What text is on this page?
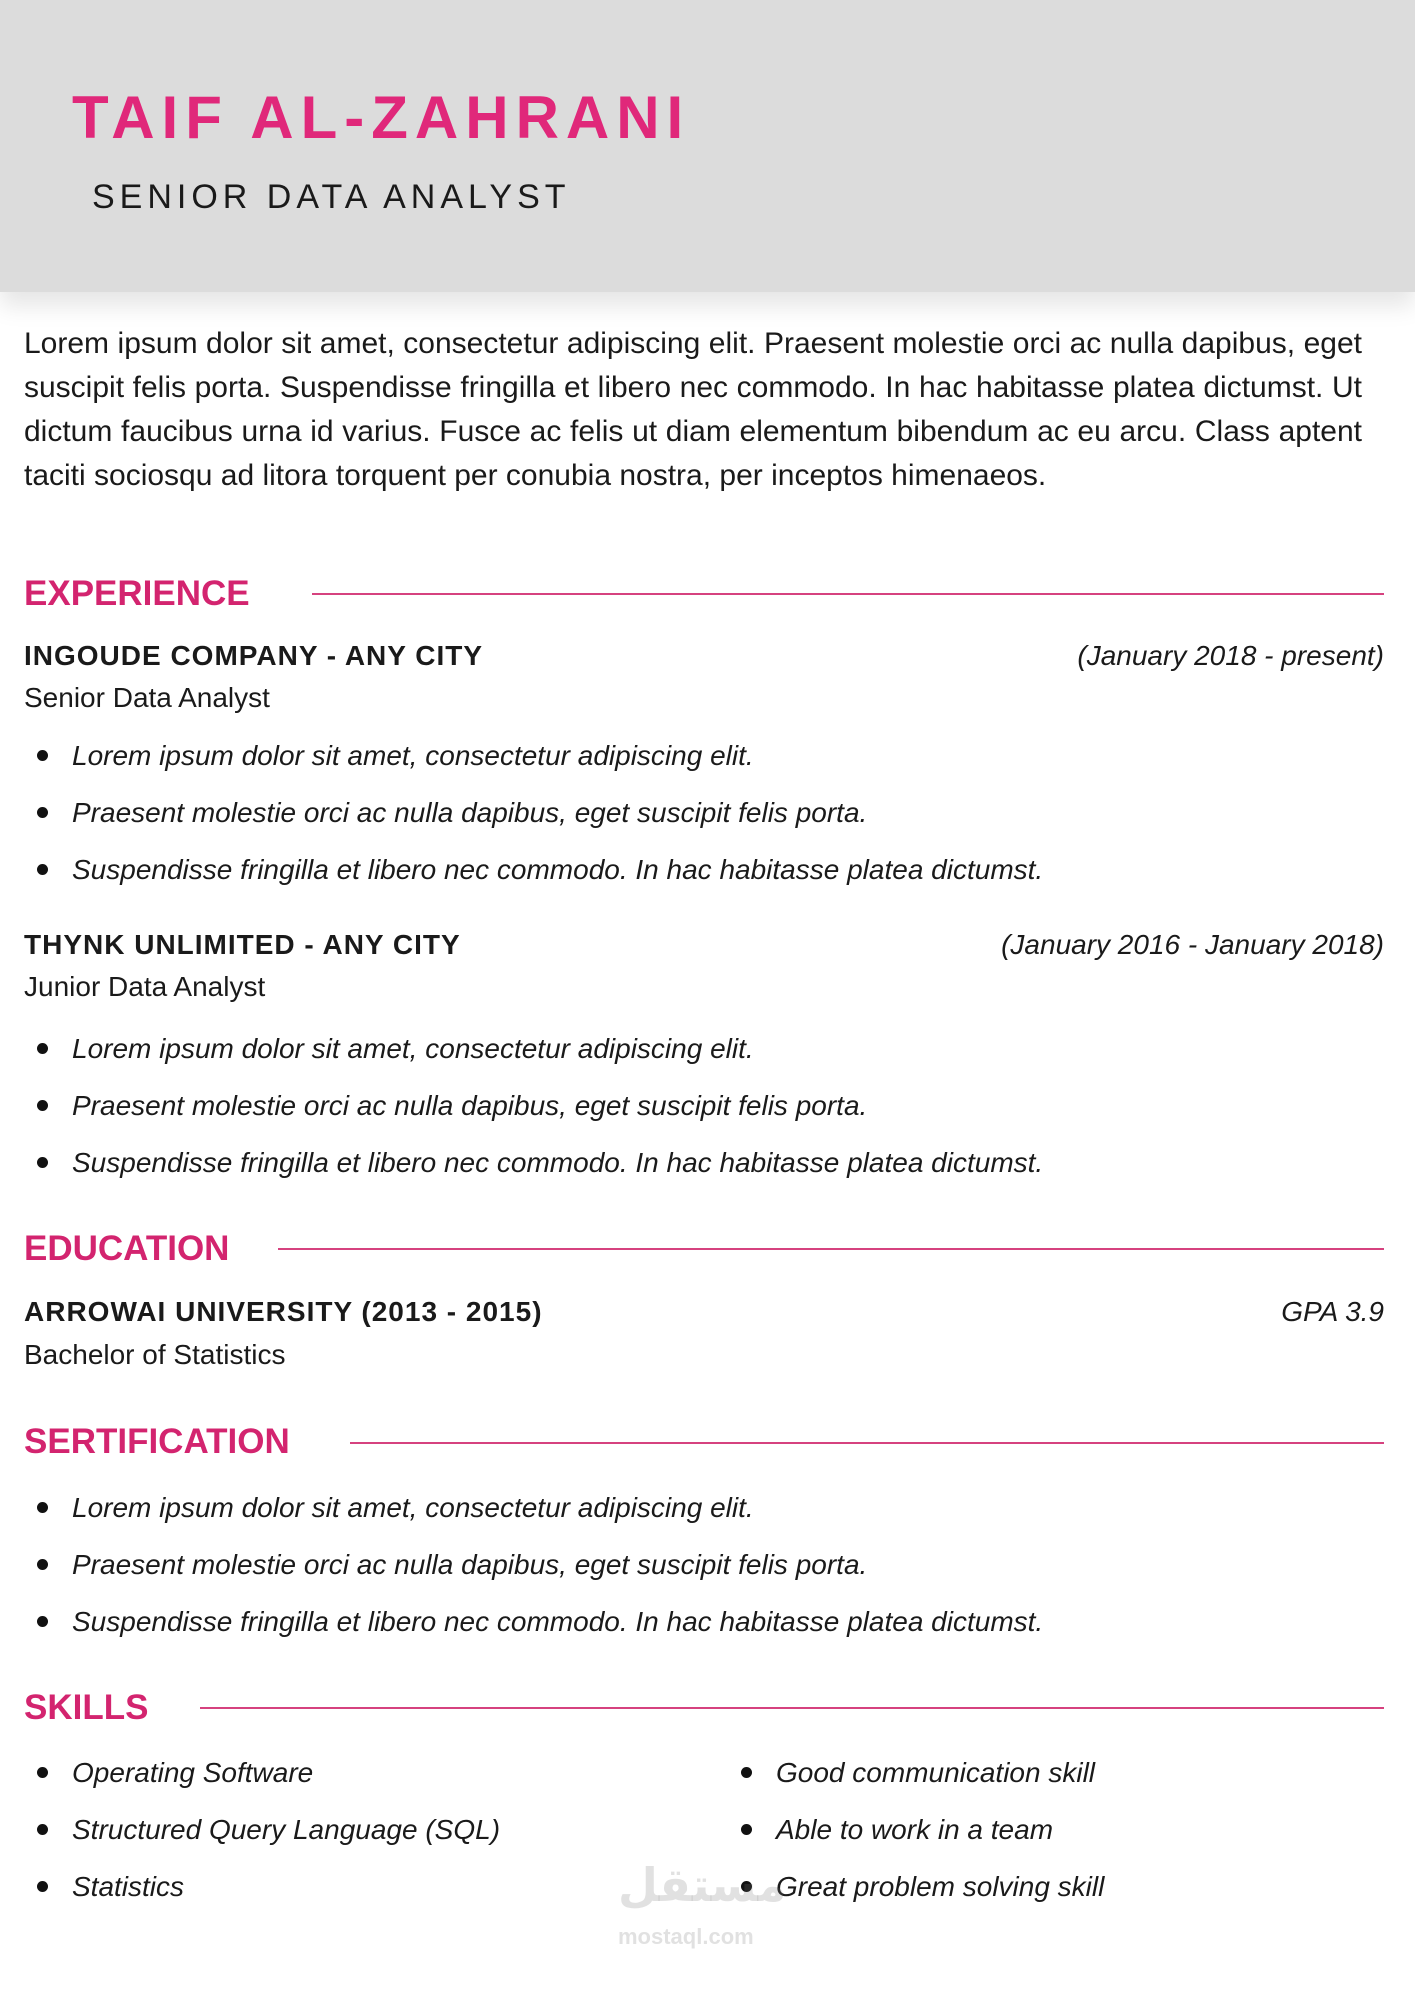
TAIF AL-ZAHRANI
SENIOR DATA ANALYST

Lorem ipsum dolor sit amet, consectetur adipiscing elit. Praesent molestie orci ac nulla dapibus, eget suscipit felis porta. Suspendisse fringilla et libero nec commodo. In hac habitasse platea dictumst. Ut dictum faucibus urna id varius. Fusce ac felis ut diam elementum bibendum ac eu arcu. Class aptent taciti sociosqu ad litora torquent per conubia nostra, per inceptos himenaeos.

EXPERIENCE
INGOUDE COMPANY - ANY CITY	(January 2018 - present)
Senior Data Analyst
Lorem ipsum dolor sit amet, consectetur adipiscing elit.
Praesent molestie orci ac nulla dapibus, eget suscipit felis porta.
Suspendisse fringilla et libero nec commodo. In hac habitasse platea dictumst.
THYNK UNLIMITED - ANY CITY	(January 2016 - January 2018)
Junior Data Analyst
Lorem ipsum dolor sit amet, consectetur adipiscing elit.
Praesent molestie orci ac nulla dapibus, eget suscipit felis porta.
Suspendisse fringilla et libero nec commodo. In hac habitasse platea dictumst.
EDUCATION
ARROWAI UNIVERSITY (2013 - 2015)	GPA 3.9
Bachelor of Statistics
SERTIFICATION
Lorem ipsum dolor sit amet, consectetur adipiscing elit.
Praesent molestie orci ac nulla dapibus, eget suscipit felis porta.
Suspendisse fringilla et libero nec commodo. In hac habitasse platea dictumst.
SKILLS
Operating Software
Structured Query Language (SQL)
Statistics
Good communication skill
Able to work in a team
Great problem solving skill
مستقل
mostaql.com
